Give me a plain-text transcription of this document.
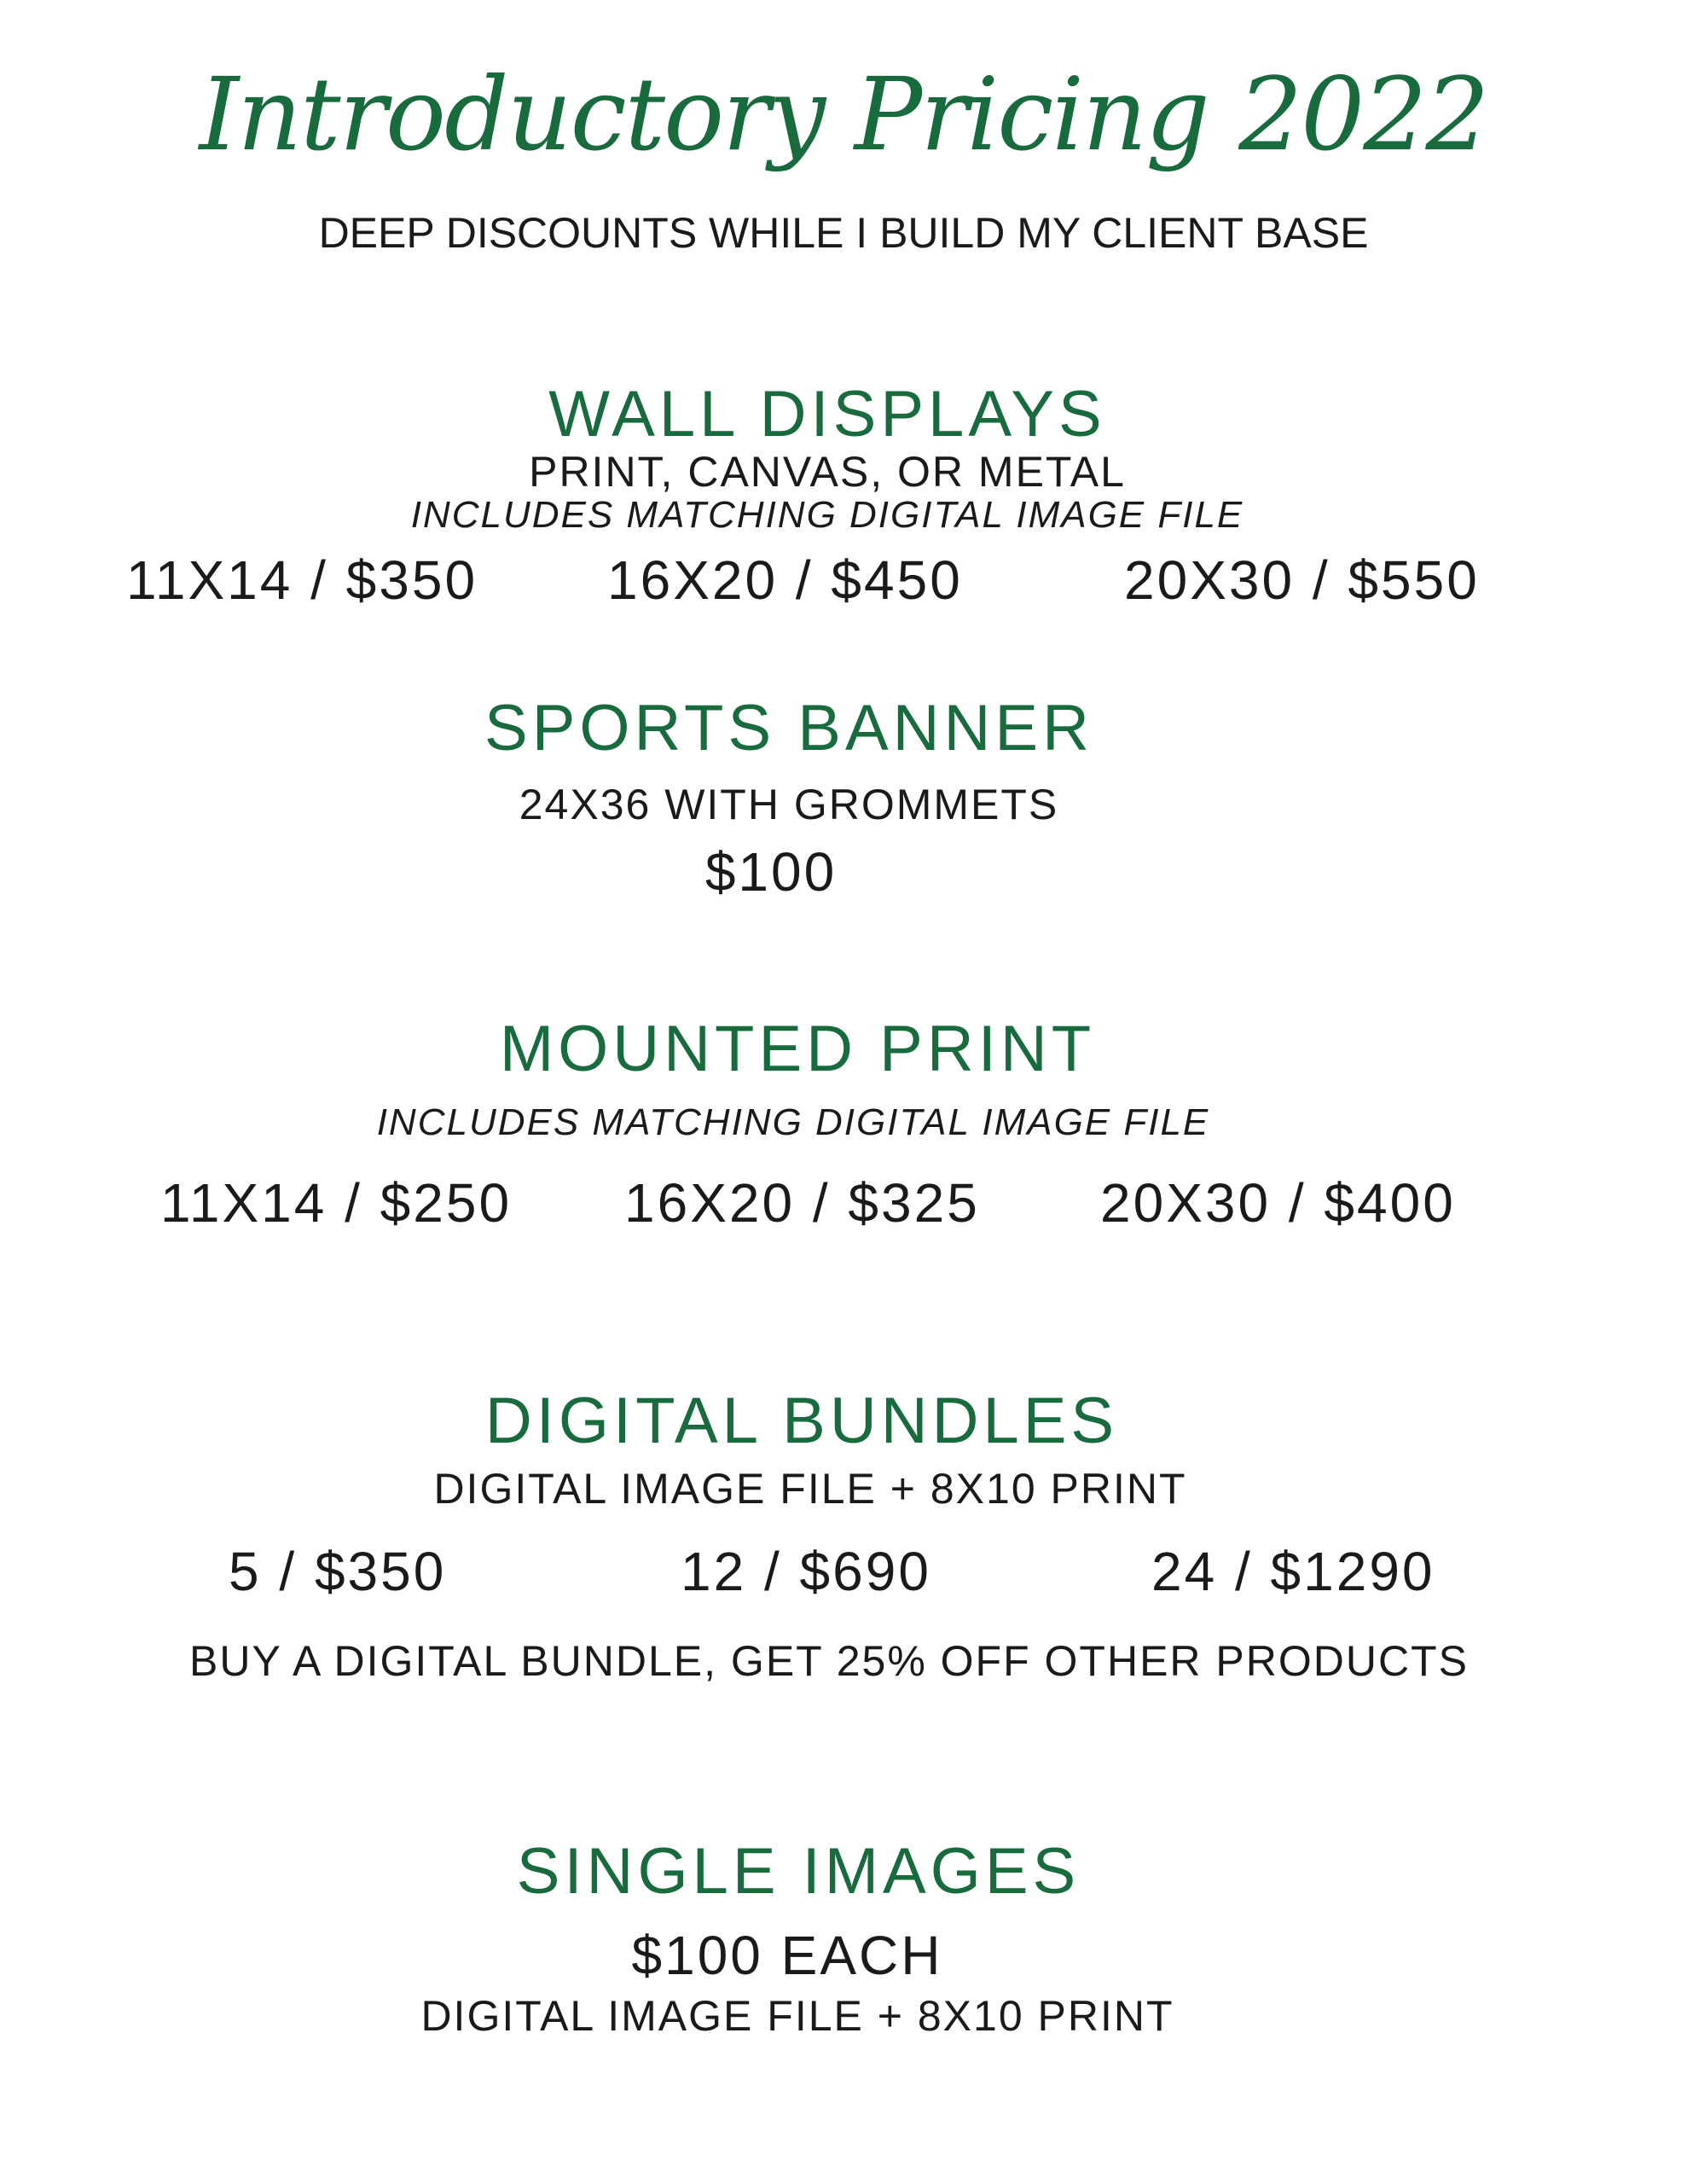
Introductory Pricing 2022
DEEP DISCOUNTS WHILE I BUILD MY CLIENT BASE
WALL DISPLAYS
PRINT, CANVAS, OR METAL
INCLUDES MATCHING DIGITAL IMAGE FILE
11X14 / $350 16X20 / $450	20X30 / $550
SPORTS BANNER
24X36 WITH GROMMETS
$100
MOUNTED PRINT
INCLUDES MATCHING DIGITAL IMAGE FILE
11X14 / $250 16X20 / $325 20X30 / $400
DIGITAL BUNDLES
DIGITAL IMAGE FILE + 8X10 PRINT
5 / $350	12 / $690	24 / $1290
BUY A DIGITAL BUNDLE, GET 25% OFF OTHER PRODUCTS
SINGLE IMAGES
$100 EACH
DIGITAL IMAGE FILE + 8X10 PRINT
